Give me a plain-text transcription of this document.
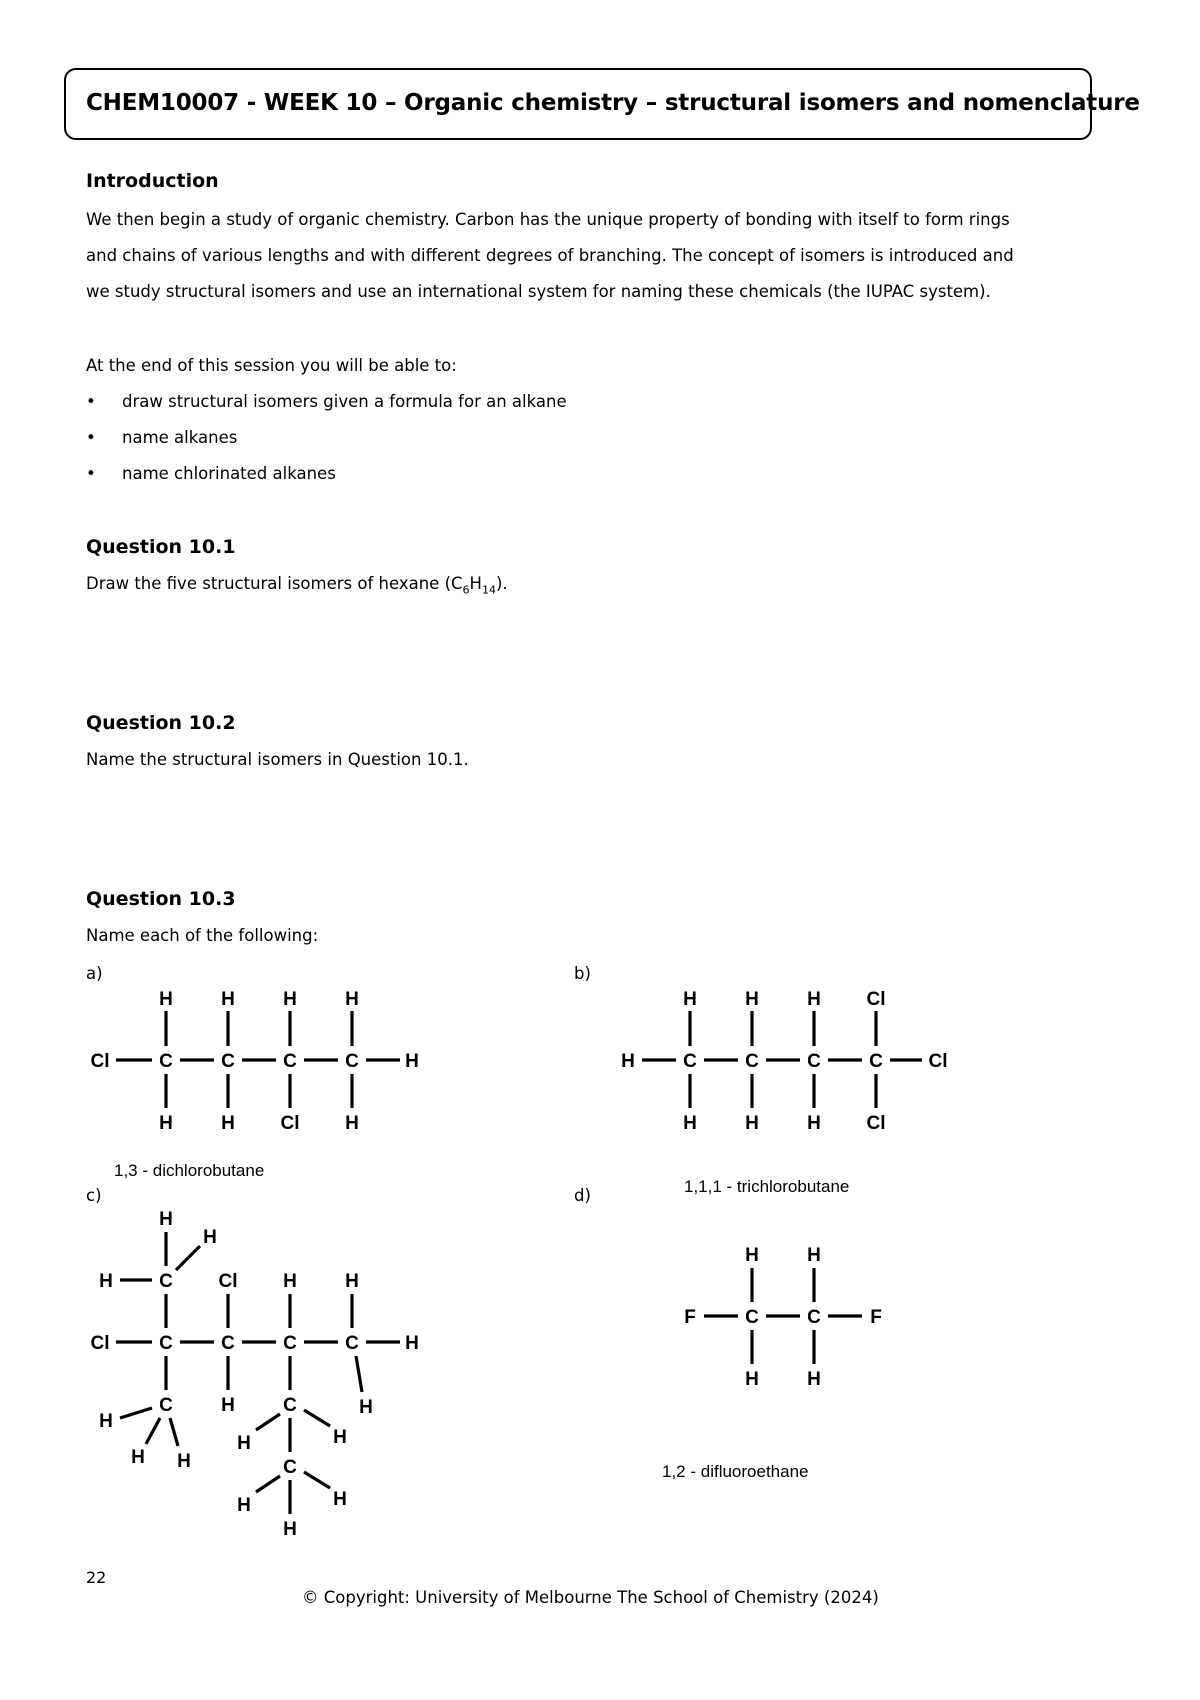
CHEM10007 - WEEK 10 – Organic chemistry – structural isomers and nomenclature
Introduction
We then begin a study of organic chemistry. Carbon has the unique property of bonding with itself to form rings
and chains of various lengths and with different degrees of branching. The concept of isomers is introduced and
we study structural isomers and use an international system for naming these chemicals (the IUPAC system).
At the end of this session you will be able to:
• draw structural isomers given a formula for an alkane
• name alkanes
• name chlorinated alkanes
Question 10.1
Draw the five structural isomers of hexane $(C_6H_{14})$.
Question 10.2
Name the structural isomers in Question 10.1.
Question 10.3
Name each of the following:
a)	b)
c)	d)
1,3 - dichlorobutane
1,1,1 - trichlorobutane
1,2 - difluoroethane
Cl	C	C	C	C H
H	H	H	H
H	H Cl H
H	C	C	C	C Cl
H	H	H Cl
H	H	H Cl
Cl	C	C	C	C H
C
H
H
H
C
H
H H
Cl
H
H
C
H	H
C
H	H
H
H
H
F	C	C	F
H	H
H	H
22
© Copyright: University of Melbourne The School of Chemistry (2024)
